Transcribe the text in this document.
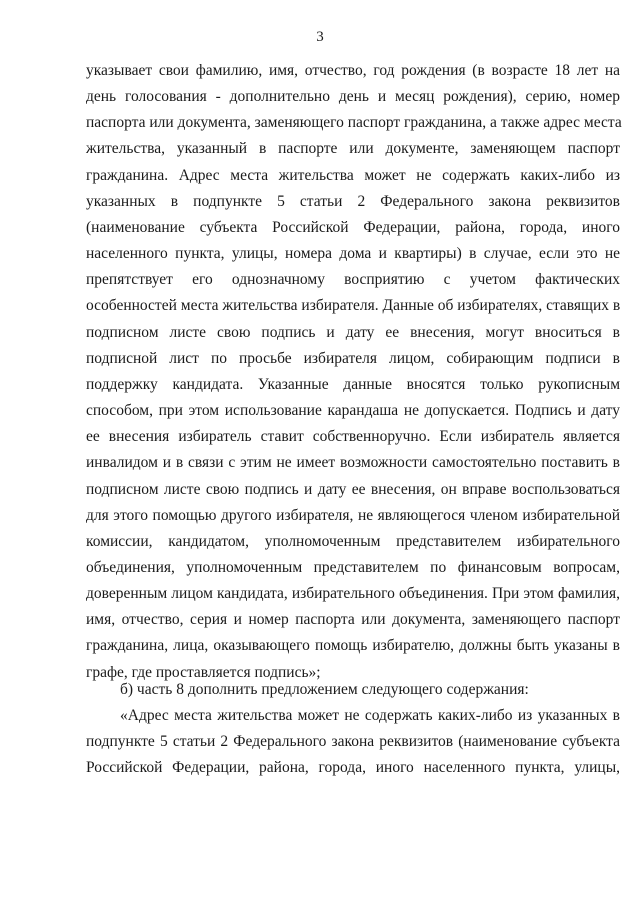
3
указывает свои фамилию, имя, отчество, год рождения (в возрасте 18 лет на
день голосования - дополнительно день и месяц рождения), серию, номер
паспорта или документа, заменяющего паспорт гражданина, а также адрес места
жительства, указанный в паспорте или документе, заменяющем паспорт
гражданина. Адрес места жительства может не содержать каких-либо из
указанных в подпункте 5 статьи 2 Федерального закона реквизитов
(наименование субъекта Российской Федерации, района, города, иного
населенного пункта, улицы, номера дома и квартиры) в случае, если это не
препятствует его однозначному восприятию с учетом фактических
особенностей места жительства избирателя. Данные об избирателях, ставящих в
подписном листе свою подпись и дату ее внесения, могут вноситься в
подписной лист по просьбе избирателя лицом, собирающим подписи в
поддержку кандидата. Указанные данные вносятся только рукописным
способом, при этом использование карандаша не допускается. Подпись и дату
ее внесения избиратель ставит собственноручно. Если избиратель является
инвалидом и в связи с этим не имеет возможности самостоятельно поставить в
подписном листе свою подпись и дату ее внесения, он вправе воспользоваться
для этого помощью другого избирателя, не являющегося членом избирательной
комиссии, кандидатом, уполномоченным представителем избирательного
объединения, уполномоченным представителем по финансовым вопросам,
доверенным лицом кандидата, избирательного объединения. При этом фамилия,
имя, отчество, серия и номер паспорта или документа, заменяющего паспорт
гражданина, лица, оказывающего помощь избирателю, должны быть указаны в
графе, где проставляется подпись»;
б) часть 8 дополнить предложением следующего содержания:
«Адрес места жительства может не содержать каких-либо из указанных в
подпункте 5 статьи 2 Федерального закона реквизитов (наименование субъекта
Российской Федерации, района, города, иного населенного пункта, улицы,
